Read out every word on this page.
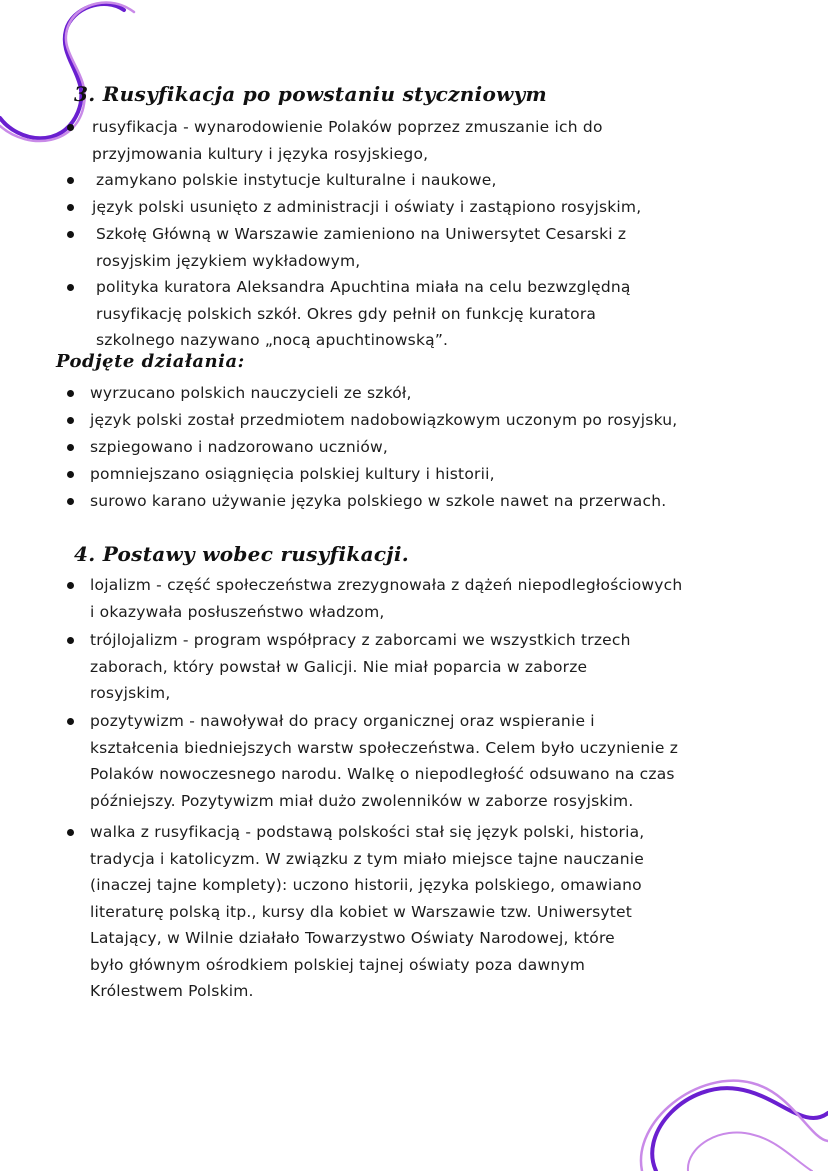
3. Rusyfikacja po powstaniu styczniowym
rusyfikacja - wynarodowienie Polaków poprzez zmuszanie ich do
przyjmowania kultury i języka rosyjskiego,
zamykano polskie instytucje kulturalne i naukowe,
język polski usunięto z administracji i oświaty i zastąpiono rosyjskim,
Szkołę Główną w Warszawie zamieniono na Uniwersytet Cesarski z
rosyjskim językiem wykładowym,
polityka kuratora Aleksandra Apuchtina miała na celu bezwzględną
rusyfikację polskich szkół. Okres gdy pełnił on funkcję kuratora
szkolnego nazywano „nocą apuchtinowską”.
Podjęte działania:
wyrzucano polskich nauczycieli ze szkół,
język polski został przedmiotem nadobowiązkowym uczonym po rosyjsku,
szpiegowano i nadzorowano uczniów,
pomniejszano osiągnięcia polskiej kultury i historii,
surowo karano używanie języka polskiego w szkole nawet na przerwach.
4. Postawy wobec rusyfikacji.
lojalizm - część społeczeństwa zrezygnowała z dążeń niepodległościowych
i okazywała posłuszeństwo władzom,
trójlojalizm - program współpracy z zaborcami we wszystkich trzech
zaborach, który powstał w Galicji. Nie miał poparcia w zaborze
rosyjskim,
pozytywizm - nawoływał do pracy organicznej oraz wspieranie i
kształcenia biedniejszych warstw społeczeństwa. Celem było uczynienie z
Polaków nowoczesnego narodu. Walkę o niepodległość odsuwano na czas
późniejszy. Pozytywizm miał dużo zwolenników w zaborze rosyjskim.
walka z rusyfikacją - podstawą polskości stał się język polski, historia,
tradycja i katolicyzm. W związku z tym miało miejsce tajne nauczanie
(inaczej tajne komplety): uczono historii, języka polskiego, omawiano
literaturę polską itp., kursy dla kobiet w Warszawie tzw. Uniwersytet
Latający, w Wilnie działało Towarzystwo Oświaty Narodowej, które
było głównym ośrodkiem polskiej tajnej oświaty poza dawnym
Królestwem Polskim.
